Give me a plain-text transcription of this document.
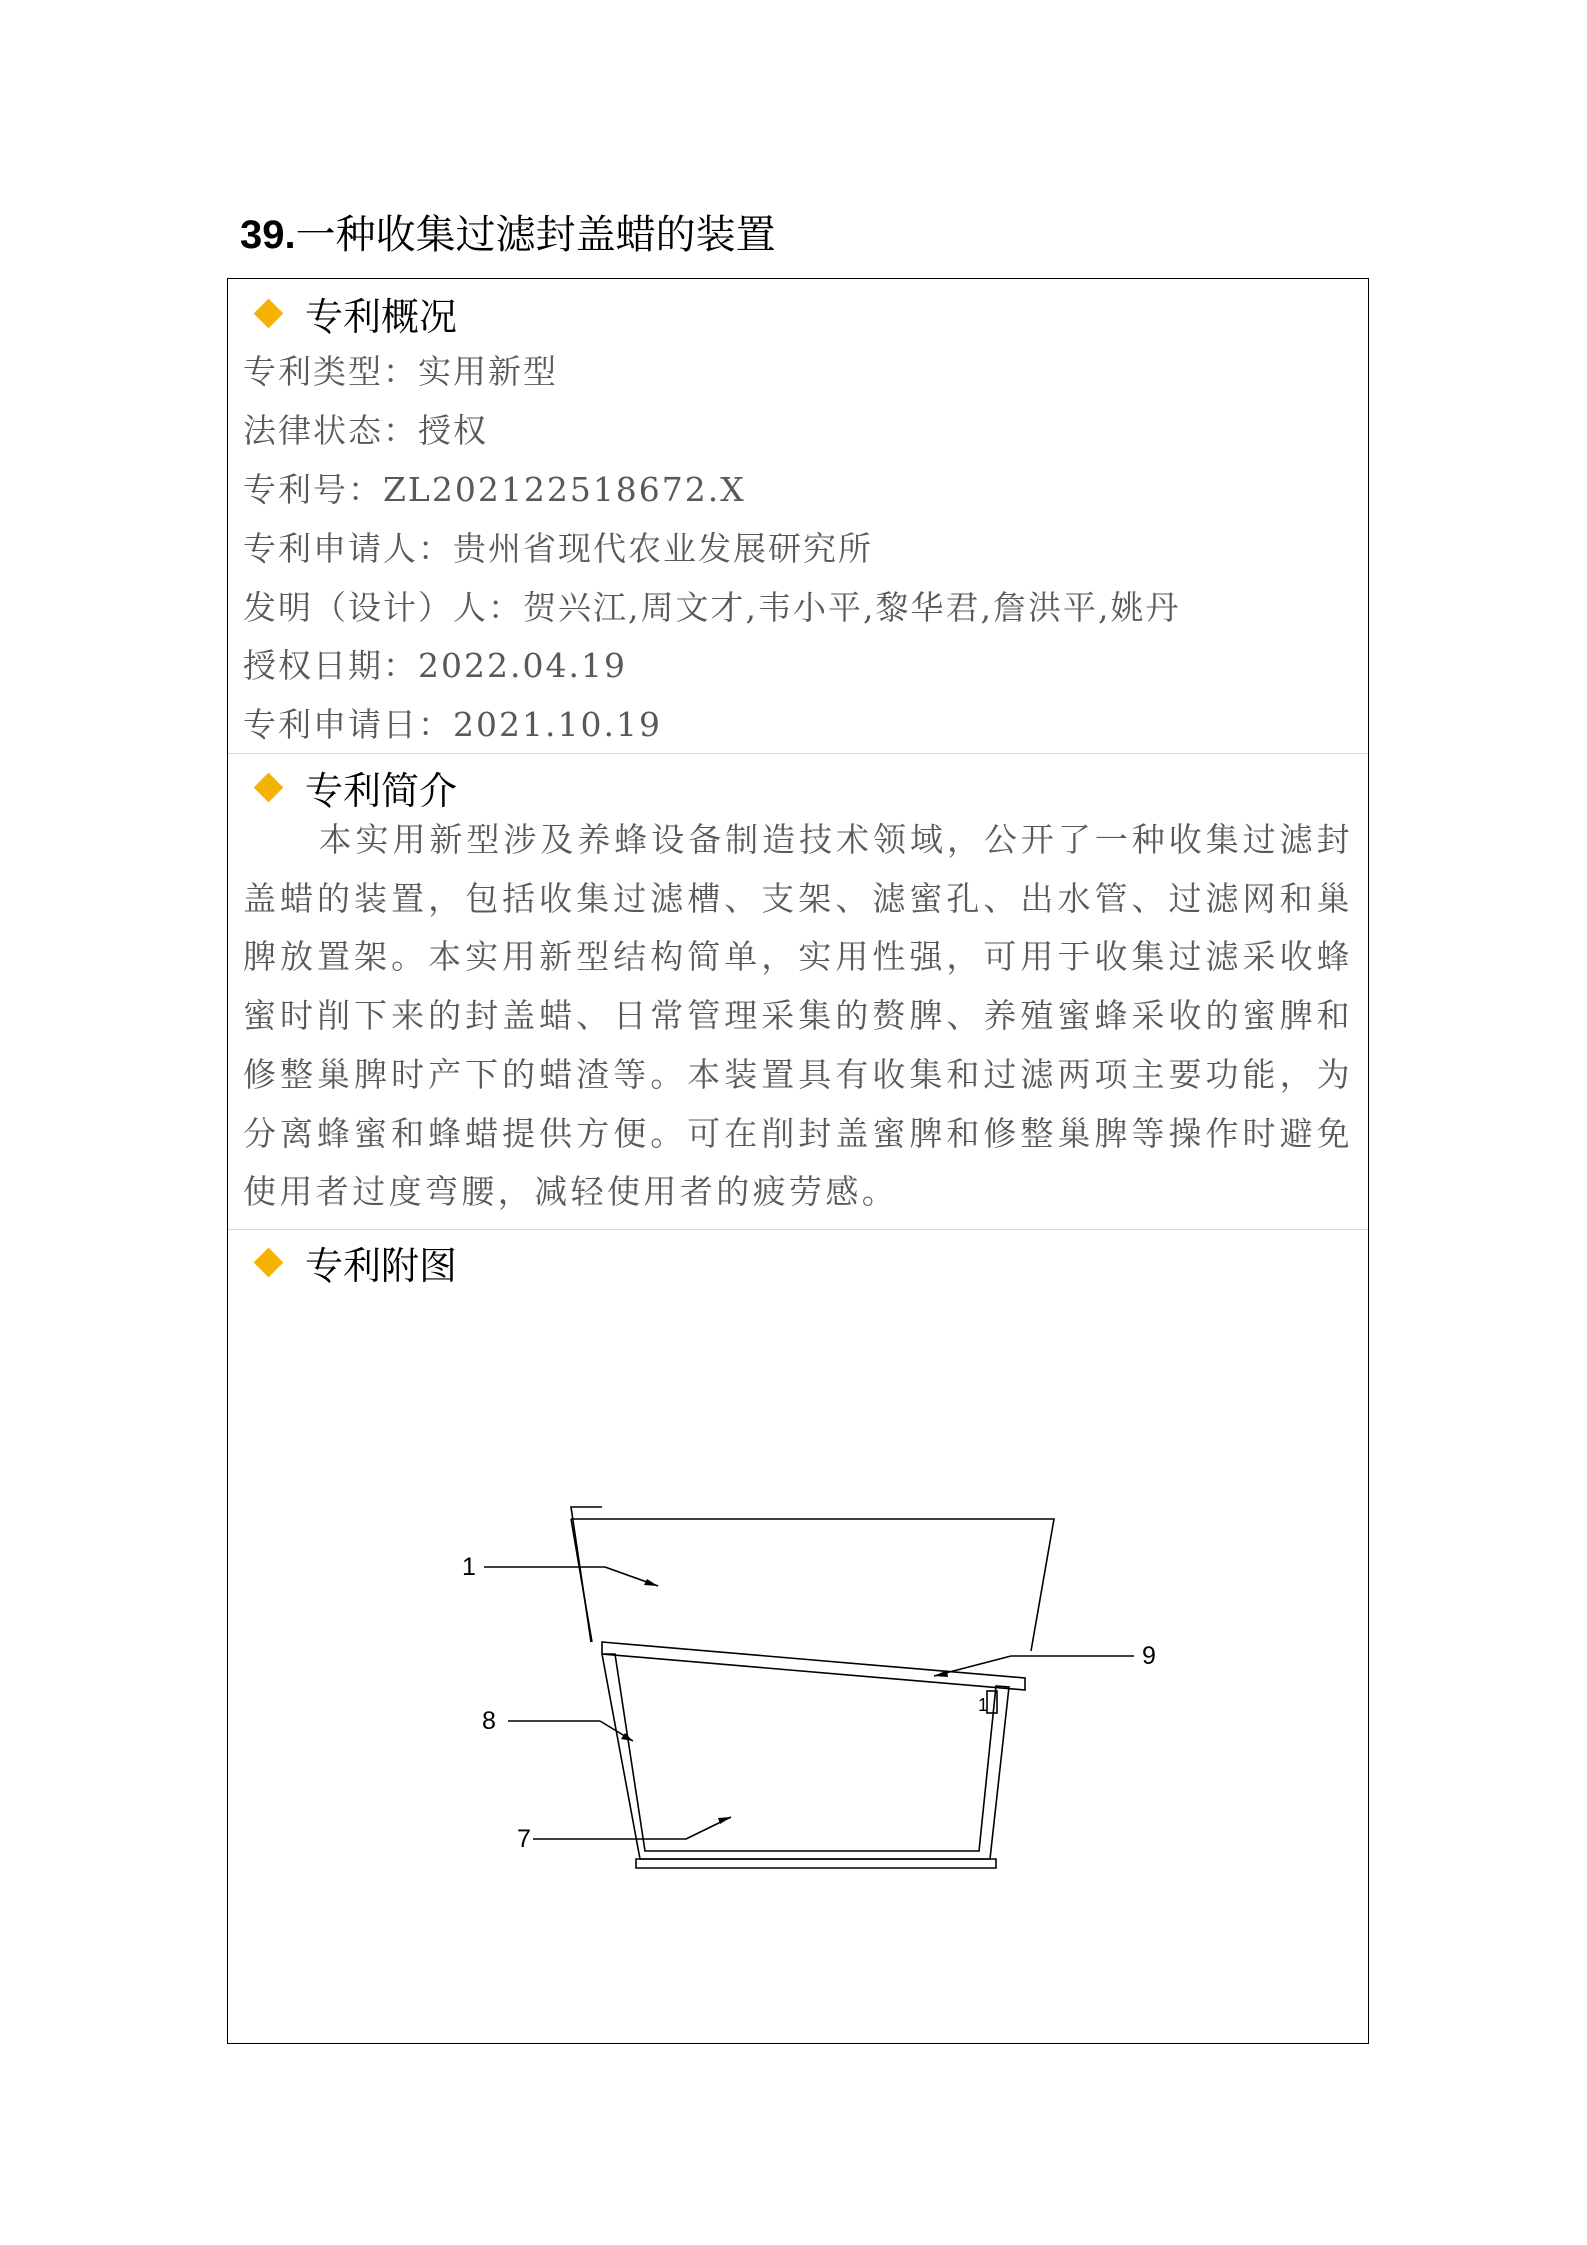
39.一种收集过滤封盖蜡的装置
专利概况
专利类型：实用新型
法律状态：授权
专利号：ZL202122518672.X
专利申请人：贵州省现代农业发展研究所
发明（设计）人：贺兴江,周文才,韦小平,黎华君,詹洪平,姚丹
授权日期：2022.04.19
专利申请日：2021.10.19
专利简介

本实用新型涉及养蜂设备制造技术领域，公开了一种收集过滤封盖蜡的装置，包括收集过滤槽、支架、滤蜜孔、出水管、过滤网和巢脾放置架。本实用新型结构简单，实用性强，可用于收集过滤采收蜂蜜时削下来的封盖蜡、日常管理采集的赘脾、养殖蜜蜂采收的蜜脾和修整巢脾时产下的蜡渣等。本装置具有收集和过滤两项主要功能，为分离蜂蜜和蜂蜡提供方便。可在削封盖蜜脾和修整巢脾等操作时避免使用者过度弯腰，减轻使用者的疲劳感。

专利附图
1
9
8
7
1
